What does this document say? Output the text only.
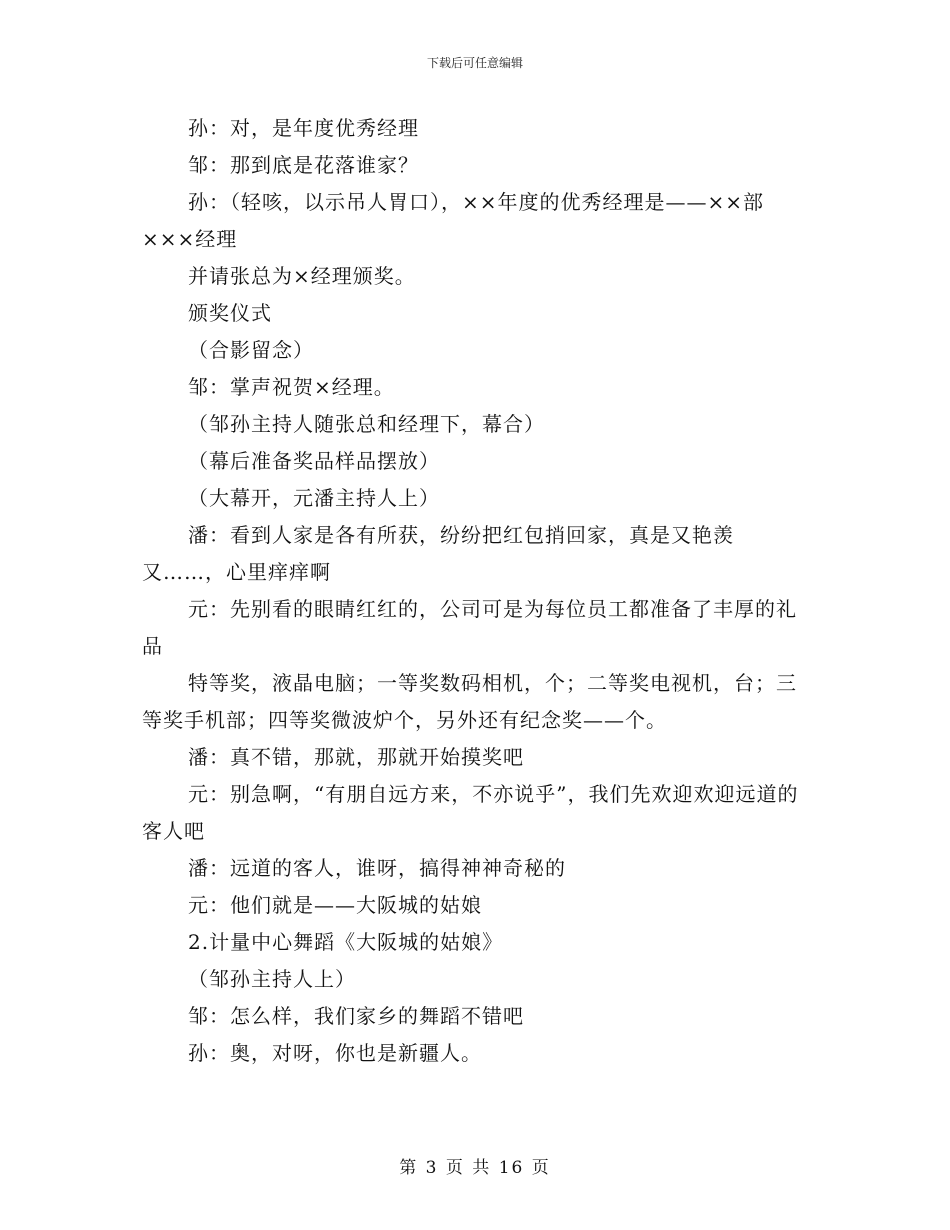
下载后可任意编辑

孙：对，是年度优秀经理

邹：那到底是花落谁家？

孙：（轻咳，以示吊人胃口），××年度的优秀经理是——××部×××经理

并请张总为×经理颁奖。

颁奖仪式

（合影留念）

邹：掌声祝贺×经理。

（邹孙主持人随张总和经理下，幕合）

（幕后准备奖品样品摆放）

（大幕开，元潘主持人上）

潘：看到人家是各有所获，纷纷把红包捎回家，真是又艳羡又……，心里痒痒啊

元：先别看的眼睛红红的，公司可是为每位员工都准备了丰厚的礼品

特等奖，液晶电脑；一等奖数码相机，个；二等奖电视机，台；三等奖手机部；四等奖微波炉个，另外还有纪念奖——个。

潘：真不错，那就，那就开始摸奖吧

元：别急啊，“有朋自远方来，不亦说乎”，我们先欢迎欢迎远道的客人吧

潘：远道的客人，谁呀，搞得神神奇秘的

元：他们就是——大阪城的姑娘

2.计量中心舞蹈《大阪城的姑娘》

（邹孙主持人上）

邹：怎么样，我们家乡的舞蹈不错吧

孙：奥，对呀，你也是新疆人。

第 3 页 共 16 页
